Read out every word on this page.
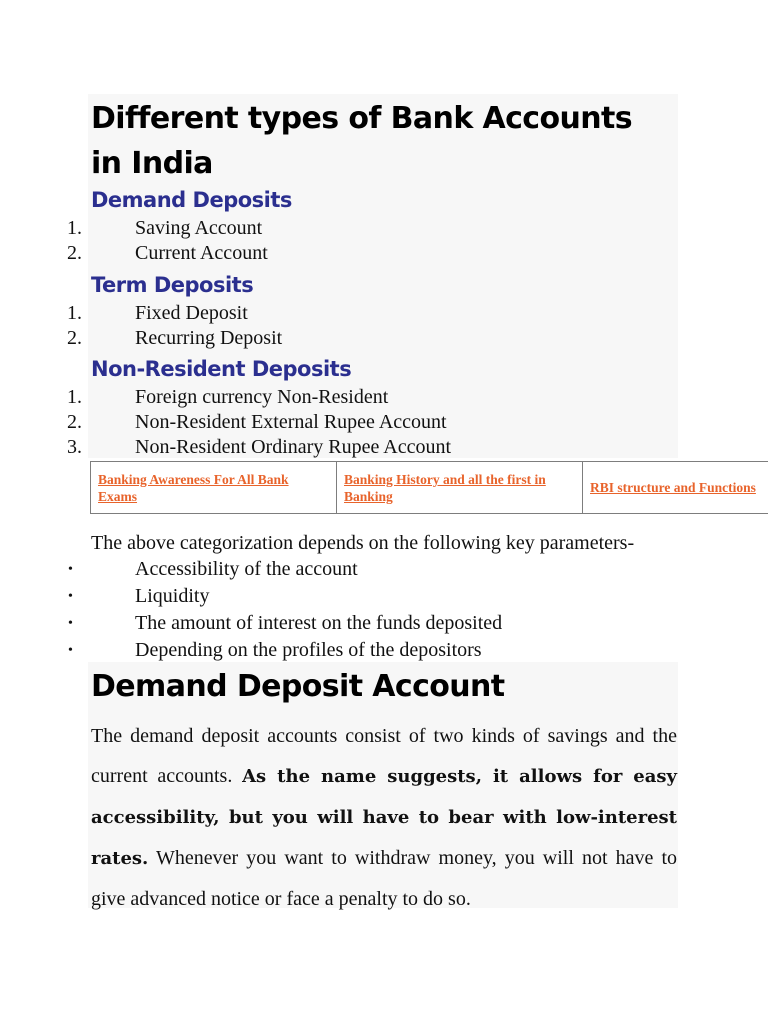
Different types of Bank Accounts in India
Demand Deposits
1.	Saving Account
2.	Current Account
Term Deposits
1.	Fixed Deposit
2.	Recurring Deposit
Non-Resident Deposits
1.	Foreign currency Non-Resident
2.	Non-Resident External Rupee Account
3.	Non-Resident Ordinary Rupee Account
Banking Awareness For All Bank Exams	Banking History and all the first in Banking	RBI structure and Functions

The above categorization depends on the following key parameters-

•	Accessibility of the account
•	Liquidity
•	The amount of interest on the funds deposited
•	Depending on the profiles of the depositors
Demand Deposit Account

The demand deposit accounts consist of two kinds of savings and the current accounts. As the name suggests, it allows for easy accessibility, but you will have to bear with low-interest rates. Whenever you want to withdraw money, you will not have to give advanced notice or face a penalty to do so.
